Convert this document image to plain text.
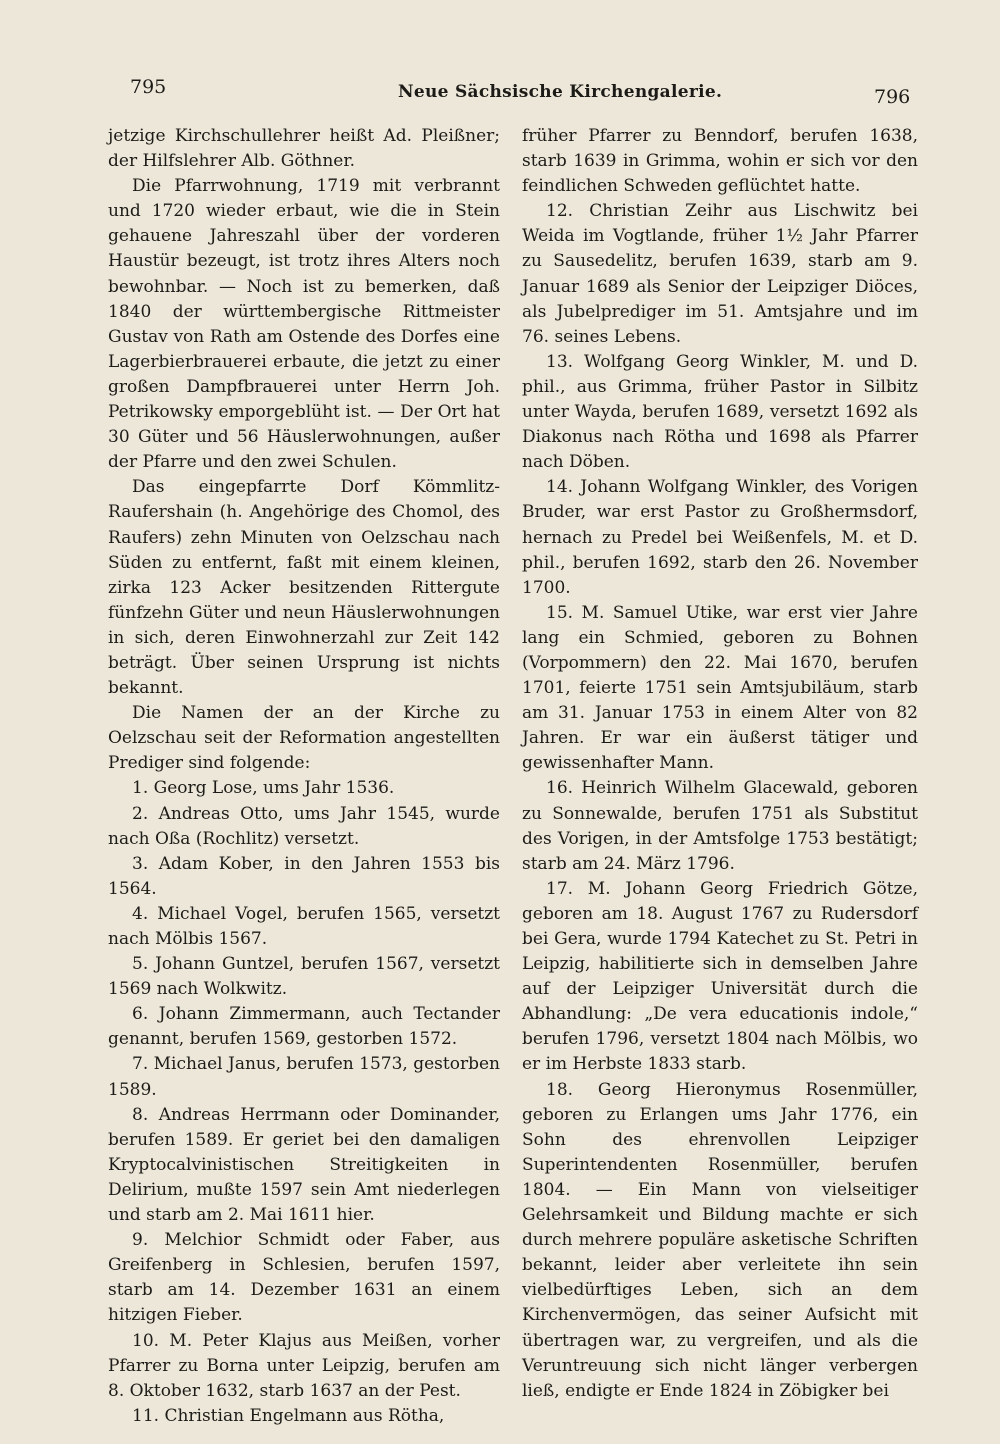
795	Neue Sächsische Kirchengalerie.	796

jetzige Kirchschullehrer heißt Ad. Pleißner; der Hilfslehrer Alb. Göthner.

Die Pfarrwohnung, 1719 mit verbrannt und 1720 wieder erbaut, wie die in Stein gehauene Jahreszahl über der vorderen Haustür bezeugt, ist trotz ihres Alters noch bewohnbar. — Noch ist zu bemerken, daß 1840 der württembergische Rittmeister Gustav von Rath am Ostende des Dorfes eine Lagerbierbrauerei erbaute, die jetzt zu einer großen Dampfbrauerei unter Herrn Joh. Petrikowsky emporgeblüht ist. — Der Ort hat 30 Güter und 56 Häuslerwohnungen, außer der Pfarre und den zwei Schulen.

Das eingepfarrte Dorf Kömmlitz-Raufershain (h. Angehörige des Chomol, des Raufers) zehn Minuten von Oelzschau nach Süden zu entfernt, faßt mit einem kleinen, zirka 123 Acker besitzenden Rittergute fünfzehn Güter und neun Häuslerwohnungen in sich, deren Einwohnerzahl zur Zeit 142 beträgt. Über seinen Ursprung ist nichts bekannt.

Die Namen der an der Kirche zu Oelzschau seit der Reformation angestellten Prediger sind folgende:

1. Georg Lose, ums Jahr 1536.

2. Andreas Otto, ums Jahr 1545, wurde nach Oßa (Rochlitz) versetzt.

3. Adam Kober, in den Jahren 1553 bis 1564.

4. Michael Vogel, berufen 1565, versetzt nach Mölbis 1567.

5. Johann Guntzel, berufen 1567, versetzt 1569 nach Wolkwitz.

6. Johann Zimmermann, auch Tectander genannt, berufen 1569, gestorben 1572.

7. Michael Janus, berufen 1573, gestorben 1589.

8. Andreas Herrmann oder Dominander, berufen 1589. Er geriet bei den damaligen Kryptocalvinistischen Streitigkeiten in Delirium, mußte 1597 sein Amt niederlegen und starb am 2. Mai 1611 hier.

9. Melchior Schmidt oder Faber, aus Greifenberg in Schlesien, berufen 1597, starb am 14. Dezember 1631 an einem hitzigen Fieber.

10. M. Peter Klajus aus Meißen, vorher Pfarrer zu Borna unter Leipzig, berufen am 8. Oktober 1632, starb 1637 an der Pest.

11. Christian Engelmann aus Rötha,

früher Pfarrer zu Benndorf, berufen 1638, starb 1639 in Grimma, wohin er sich vor den feindlichen Schweden geflüchtet hatte.

12. Christian Zeihr aus Lischwitz bei Weida im Vogtlande, früher 1½ Jahr Pfarrer zu Sausedelitz, berufen 1639, starb am 9. Januar 1689 als Senior der Leipziger Diöces, als Jubelprediger im 51. Amtsjahre und im 76. seines Lebens.

13. Wolfgang Georg Winkler, M. und D. phil., aus Grimma, früher Pastor in Silbitz unter Wayda, berufen 1689, versetzt 1692 als Diakonus nach Rötha und 1698 als Pfarrer nach Döben.

14. Johann Wolfgang Winkler, des Vorigen Bruder, war erst Pastor zu Großhermsdorf, hernach zu Predel bei Weißenfels, M. et D. phil., berufen 1692, starb den 26. November 1700.

15. M. Samuel Utike, war erst vier Jahre lang ein Schmied, geboren zu Bohnen (Vorpommern) den 22. Mai 1670, berufen 1701, feierte 1751 sein Amtsjubiläum, starb am 31. Januar 1753 in einem Alter von 82 Jahren. Er war ein äußerst tätiger und gewissenhafter Mann.

16. Heinrich Wilhelm Glacewald, geboren zu Sonnewalde, berufen 1751 als Substitut des Vorigen, in der Amtsfolge 1753 bestätigt; starb am 24. März 1796.

17. M. Johann Georg Friedrich Götze, geboren am 18. August 1767 zu Rudersdorf bei Gera, wurde 1794 Katechet zu St. Petri in Leipzig, habilitierte sich in demselben Jahre auf der Leipziger Universität durch die Abhandlung: „De vera educationis indole,“ berufen 1796, versetzt 1804 nach Mölbis, wo er im Herbste 1833 starb.

18. Georg Hieronymus Rosenmüller, geboren zu Erlangen ums Jahr 1776, ein Sohn des ehrenvollen Leipziger Superintendenten Rosenmüller, berufen 1804. — Ein Mann von vielseitiger Gelehrsamkeit und Bildung machte er sich durch mehrere populäre asketische Schriften bekannt, leider aber verleitete ihn sein vielbedürftiges Leben, sich an dem Kirchenvermögen, das seiner Aufsicht mit übertragen war, zu vergreifen, und als die Veruntreuung sich nicht länger verbergen ließ, endigte er Ende 1824 in Zöbigker bei
